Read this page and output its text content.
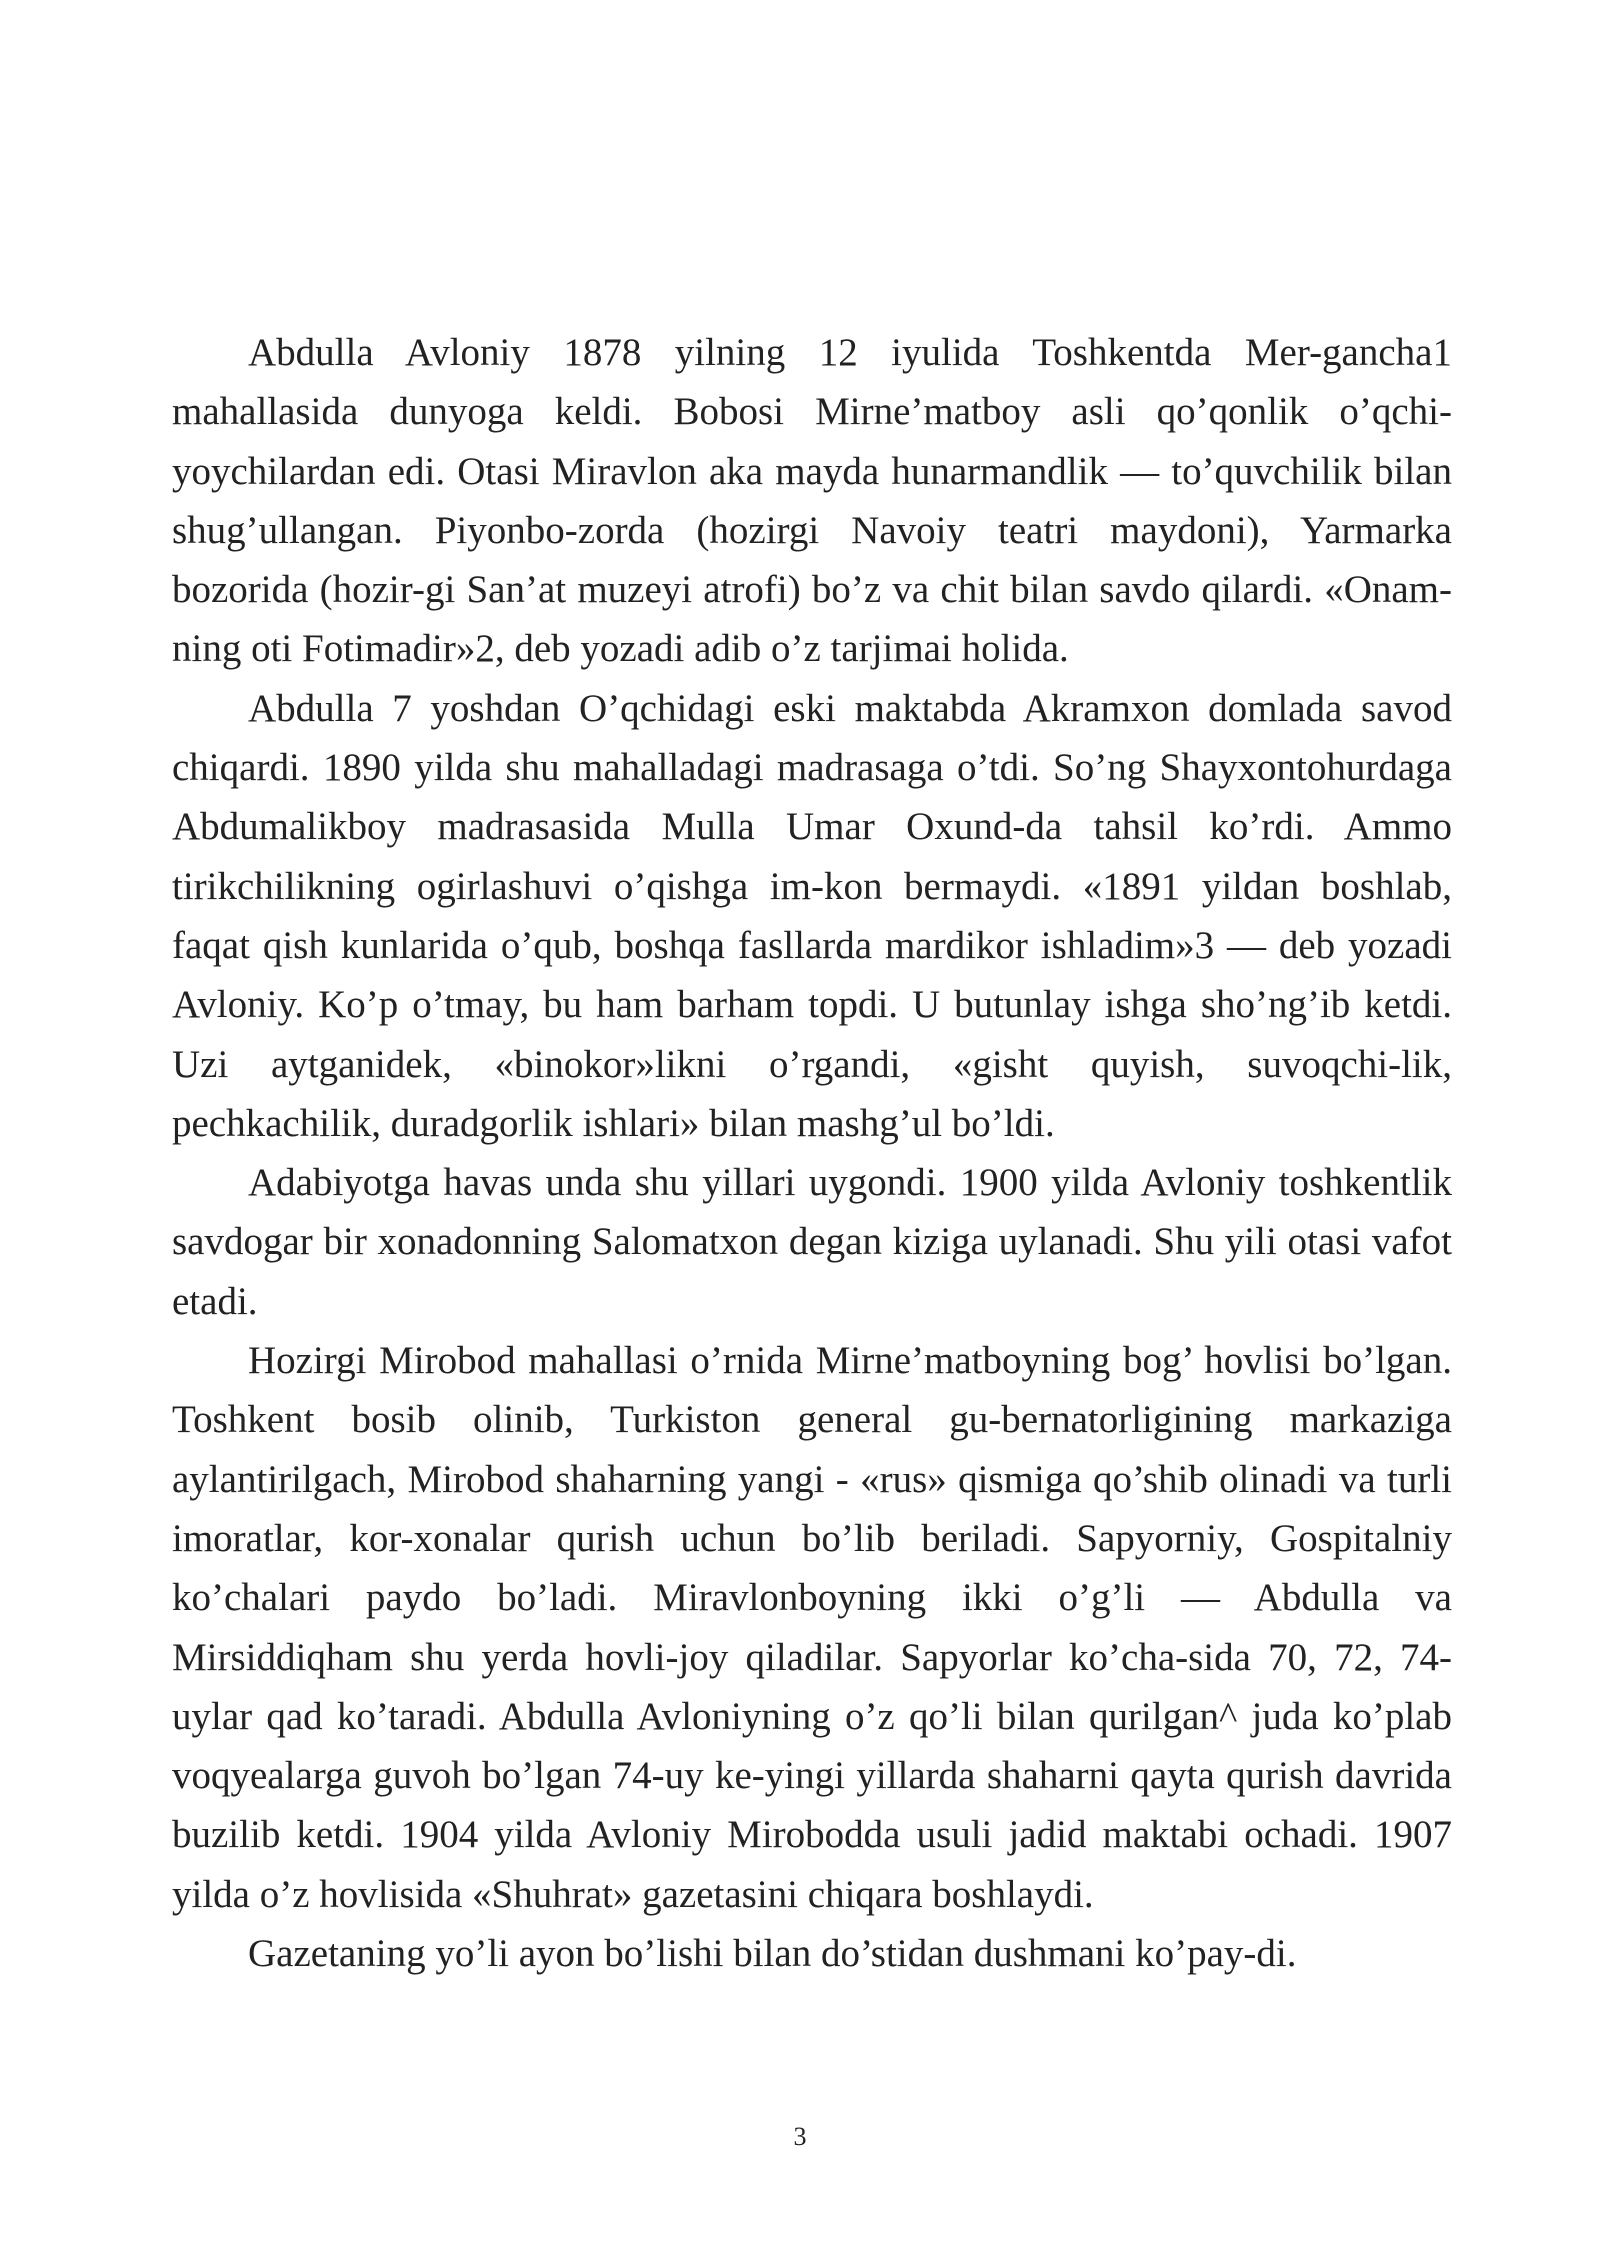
Abdulla Avloniy 1878 yilning 12 iyulida Toshkentda Mer-gancha1 mahallasida dunyoga keldi. Bobosi Mirne’matboy asli qo’qonlik o’qchi-yoychilardan edi. Otasi Miravlon aka mayda hunarmandlik — to’quvchilik bilan shug’ullangan. Piyonbo-zorda (hozirgi Navoiy teatri maydoni), Yarmarka bozorida (hozir-gi San’at muzeyi atrofi) bo’z va chit bilan savdo qilardi. «Onam-ning oti Fotimadir»2, deb yozadi adib o’z tarjimai holida.

Abdulla 7 yoshdan O’qchidagi eski maktabda Akramxon domlada savod chiqardi. 1890 yilda shu mahalladagi madrasaga o’tdi. So’ng Shayxontohurdaga Abdumalikboy madrasasida Mulla Umar Oxund-da tahsil ko’rdi. Ammo tirikchilikning ogirlashuvi o’qishga im-kon bermaydi. «1891 yildan boshlab, faqat qish kunlarida o’qub, boshqa fasllarda mardikor ishladim»3 — deb yozadi Avloniy. Ko’p o’tmay, bu ham barham topdi. U butunlay ishga sho’ng’ib ketdi. Uzi aytganidek, «binokor»likni o’rgandi, «gisht quyish, suvoqchi-lik, pechkachilik, duradgorlik ishlari» bilan mashg’ul bo’ldi.

Adabiyotga havas unda shu yillari uygondi. 1900 yilda Avloniy toshkentlik savdogar bir xonadonning Salomatxon degan kiziga uylanadi. Shu yili otasi vafot etadi.

Hozirgi Mirobod mahallasi o’rnida Mirne’matboyning bog’ hovlisi bo’lgan. Toshkent bosib olinib, Turkiston general gu-bernatorligining markaziga aylantirilgach, Mirobod shaharning yangi - «rus» qismiga qo’shib olinadi va turli imoratlar, kor-xonalar qurish uchun bo’lib beriladi. Sapyorniy, Gospitalniy ko’chalari paydo bo’ladi. Miravlonboyning ikki o’g’li — Abdulla va Mirsiddiqham shu yerda hovli-joy qiladilar. Sapyorlar ko’cha-sida 70, 72, 74-uylar qad ko’taradi. Abdulla Avloniyning o’z qo’li bilan qurilgan^ juda ko’plab voqyealarga guvoh bo’lgan 74-uy ke-yingi yillarda shaharni qayta qurish davrida buzilib ketdi. 1904 yilda Avloniy Mirobodda usuli jadid maktabi ochadi. 1907 yilda o’z hovlisida «Shuhrat» gazetasini chiqara boshlaydi.

Gazetaning yo’li ayon bo’lishi bilan do’stidan dushmani ko’pay-di.

3
